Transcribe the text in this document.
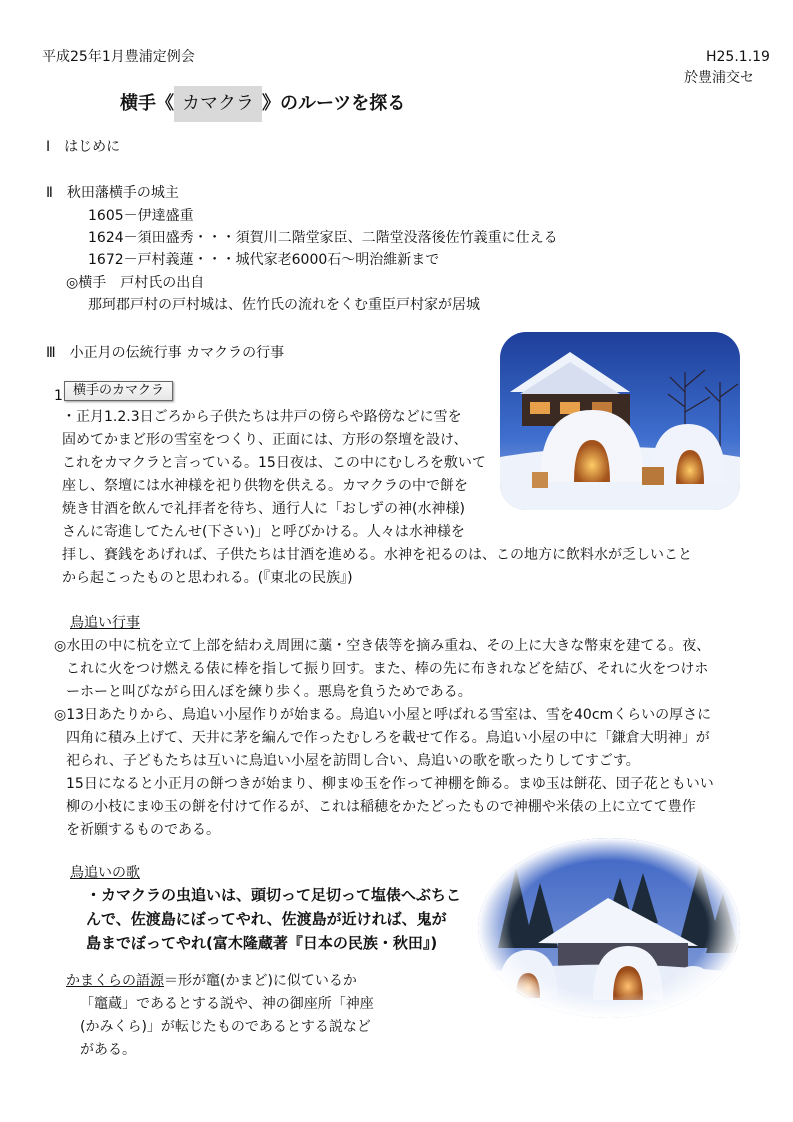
平成25年1月豊浦定例会	H25.1.19
於豊浦交セ
横手《 カマクラ 》のルーツを探る
Ⅰ　はじめに
Ⅱ　秋田藩横手の城主
1605－伊達盛重
1624－須田盛秀・・・須賀川二階堂家臣、二階堂没落後佐竹義重に仕える
1672－戸村義蓮・・・城代家老6000石～明治維新まで
◎横手　戸村氏の出自
那珂郡戸村の戸村城は、佐竹氏の流れをくむ重臣戸村家が居城
Ⅲ　小正月の伝統行事 カマクラの行事
1 横手のカマクラ
・正月1.2.3日ごろから子供たちは井戸の傍らや路傍などに雪を
固めてかまど形の雪室をつくり、正面には、方形の祭壇を設け、
これをカマクラと言っている。15日夜は、この中にむしろを敷いて
座し、祭壇には水神様を祀り供物を供える。カマクラの中で餅を
焼き甘酒を飲んで礼拝者を待ち、通行人に「おしずの神(水神様)
さんに寄進してたんせ(下さい)」と呼びかける。人々は水神様を
拝し、賽銭をあげれば、子供たちは甘酒を進める。水神を祀るのは、この地方に飲料水が乏しいこと
から起こったものと思われる。(『東北の民族』)
鳥追い行事
◎水田の中に杭を立て上部を結わえ周囲に藁・空き俵等を摘み重ね、その上に大きな幣束を建てる。夜、
これに火をつけ燃える俵に棒を指して振り回す。また、棒の先に布きれなどを結び、それに火をつけホ
ーホーと叫びながら田んぼを練り歩く。悪鳥を負うためである。
◎13日あたりから、鳥追い小屋作りが始まる。鳥追い小屋と呼ばれる雪室は、雪を40cmくらいの厚さに
四角に積み上げて、天井に茅を編んで作ったむしろを載せて作る。鳥追い小屋の中に「鎌倉大明神」が
祀られ、子どもたちは互いに鳥追い小屋を訪問し合い、鳥追いの歌を歌ったりしてすごす。
15日になると小正月の餅つきが始まり、柳まゆ玉を作って神棚を飾る。まゆ玉は餅花、団子花ともいい
柳の小枝にまゆ玉の餅を付けて作るが、これは稲穂をかたどったもので神棚や米俵の上に立てて豊作
を祈願するものである。
鳥追いの歌
・カマクラの虫追いは、頭切って足切って塩俵へぶちこ
んで、佐渡島にぼってやれ、佐渡島が近ければ、鬼が
島までぼってやれ(富木隆蔵著『日本の民族・秋田』)
かまくらの語源＝形が竈(かまど)に似ているか
「竈蔵」であるとする説や、神の御座所「神座
(かみくら)」が転じたものであるとする説など
がある。
